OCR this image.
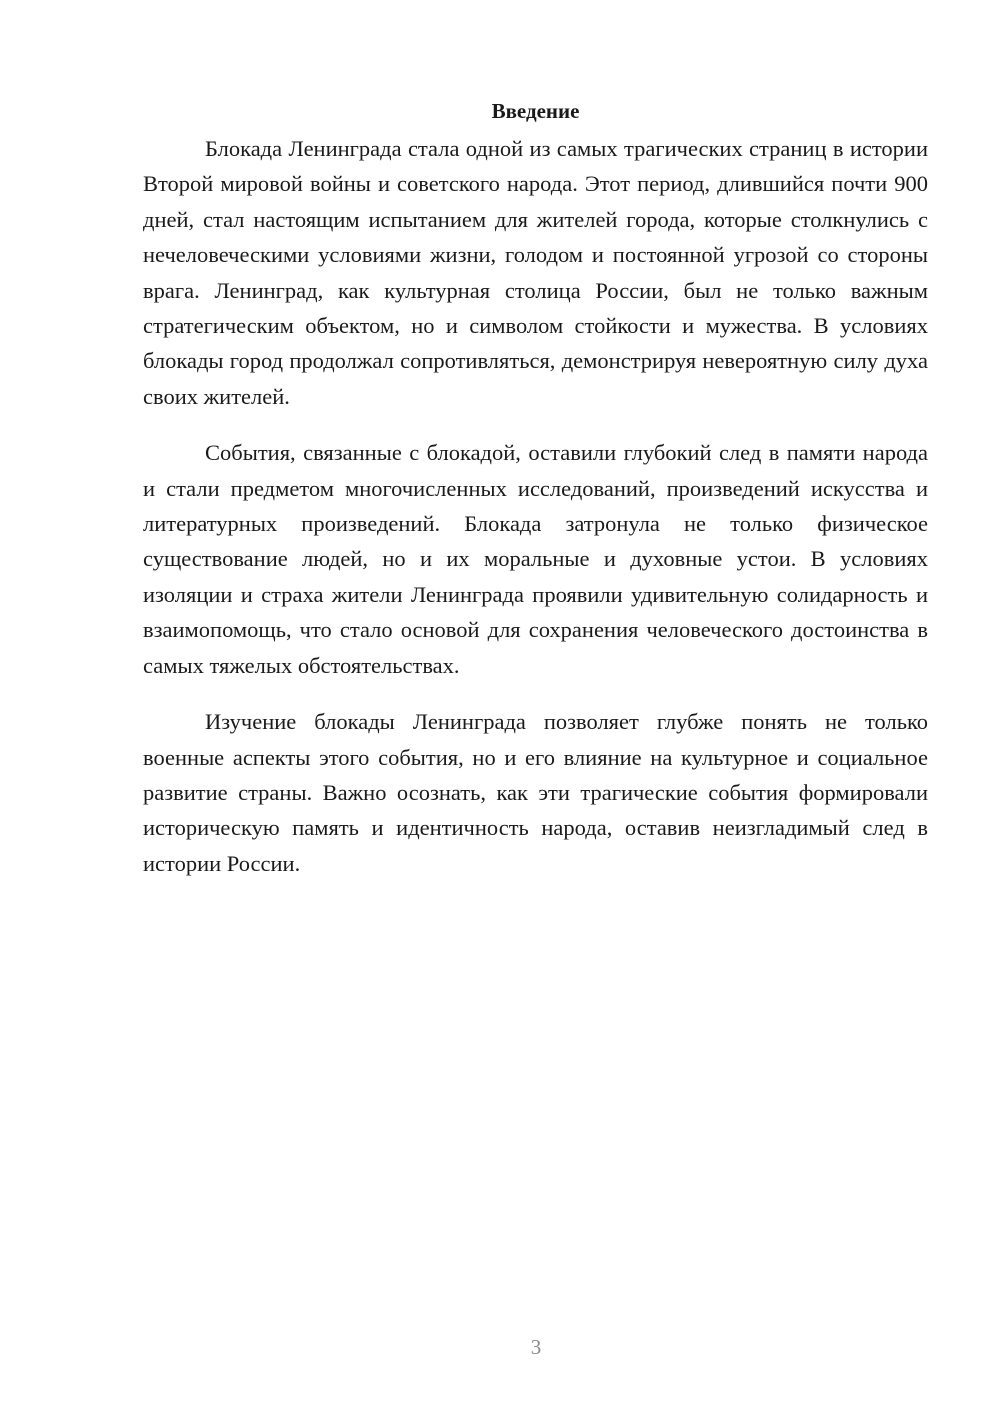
Введение

Блокада Ленинграда стала одной из самых трагических страниц в истории Второй мировой войны и советского народа. Этот период, длившийся почти 900 дней, стал настоящим испытанием для жителей города, которые столкнулись с нечеловеческими условиями жизни, голодом и постоянной угрозой со стороны врага. Ленинград, как культурная столица России, был не только важным стратегическим объектом, но и символом стойкости и мужества. В условиях блокады город продолжал сопротивляться, демонстрируя невероятную силу духа своих жителей.

События, связанные с блокадой, оставили глубокий след в памяти народа и стали предметом многочисленных исследований, произведений искусства и литературных произведений. Блокада затронула не только физическое существование людей, но и их моральные и духовные устои. В условиях изоляции и страха жители Ленинграда проявили удивительную солидарность и взаимопомощь, что стало основой для сохранения человеческого достоинства в самых тяжелых обстоятельствах.

Изучение блокады Ленинграда позволяет глубже понять не только военные аспекты этого события, но и его влияние на культурное и социальное развитие страны. Важно осознать, как эти трагические события формировали историческую память и идентичность народа, оставив неизгладимый след в истории России.

3
